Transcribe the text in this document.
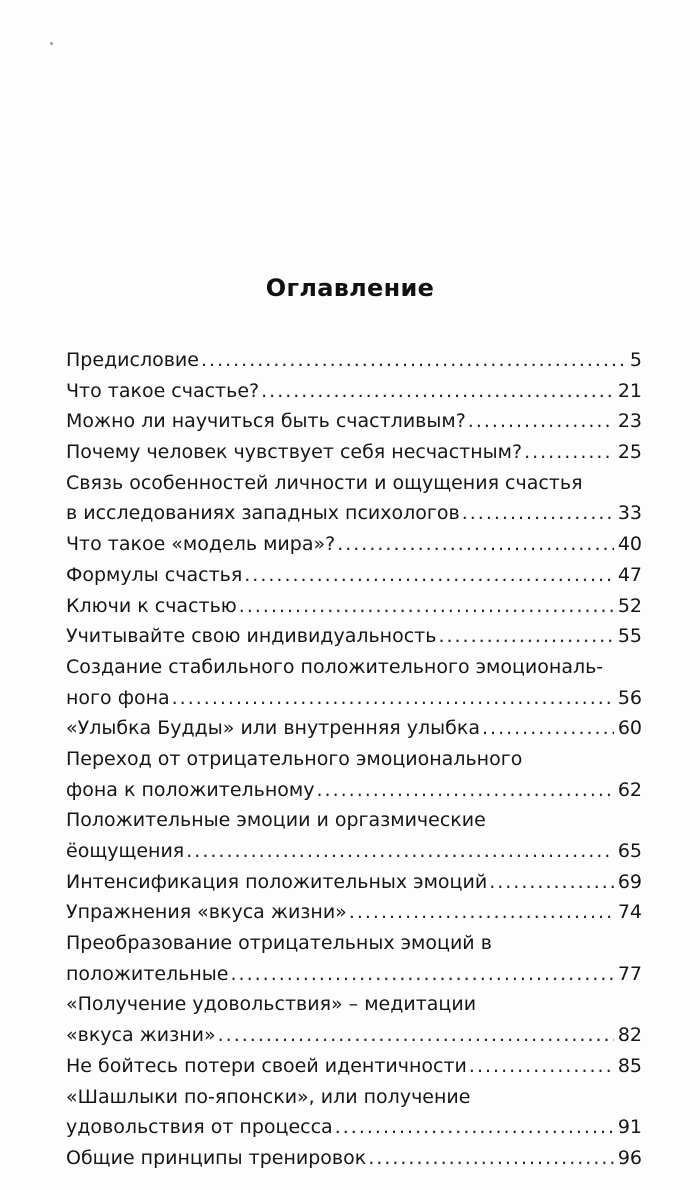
Оглавление
Предисловие .....	5
Что такое счастье? .....	21
Можно ли научиться быть счастливым? .....	23
Почему человек чувствует себя несчастным? .....	25
Связь особенностей личности и ощущения счастья
в исследованиях западных психологов .....	33
Что такое «модель мира»? .....	40
Формулы счастья .....	47
Ключи к счастью .....	52
Учитывайте свою индивидуальность .....	55
Создание стабильного положительного эмоциональ-
ного фона .....	56
«Улыбка Будды» или внутренняя улыбка .....	60
Переход от отрицательного эмоционального
фона к положительному .....	62
Положительные эмоции и оргазмические
ёощущения .....	65
Интенсификация положительных эмоций .....	69
Упражнения «вкуса жизни» .....	74
Преобразование отрицательных эмоций в
положительные .....	77
«Получение удовольствия» – медитации
«вкуса жизни» .....	82
Не бойтесь потери своей идентичности .....	85
«Шашлыки по-японски», или получение
удовольствия от процесса .....	91
Общие принципы тренировок .....	96
